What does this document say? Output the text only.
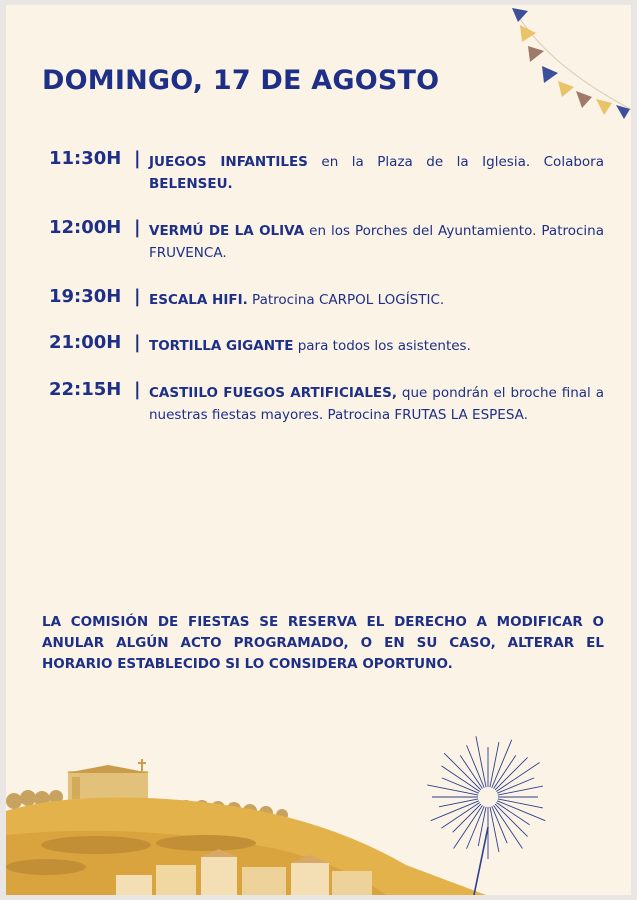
DOMINGO, 17 DE AGOSTO
11:30H | JUEGOS INFANTILES en la Plaza de la Iglesia. Colabora BELENSEU.
12:00H | VERMÚ DE LA OLIVA en los Porches del Ayuntamiento. Patrocina FRUVENCA.
19:30H | ESCALA HIFI. Patrocina CARPOL LOGÍSTIC.
21:00H | TORTILLA GIGANTE para todos los asistentes.
22:15H | CASTIILO FUEGOS ARTIFICIALES, que pondrán el broche final a nuestras fiestas mayores. Patrocina FRUTAS LA ESPESA.

LA COMISIÓN DE FIESTAS SE RESERVA EL DERECHO A MODIFICAR O ANULAR ALGÚN ACTO PROGRAMADO, O EN SU CASO, ALTERAR EL HORARIO ESTABLECIDO SI LO CONSIDERA OPORTUNO.
